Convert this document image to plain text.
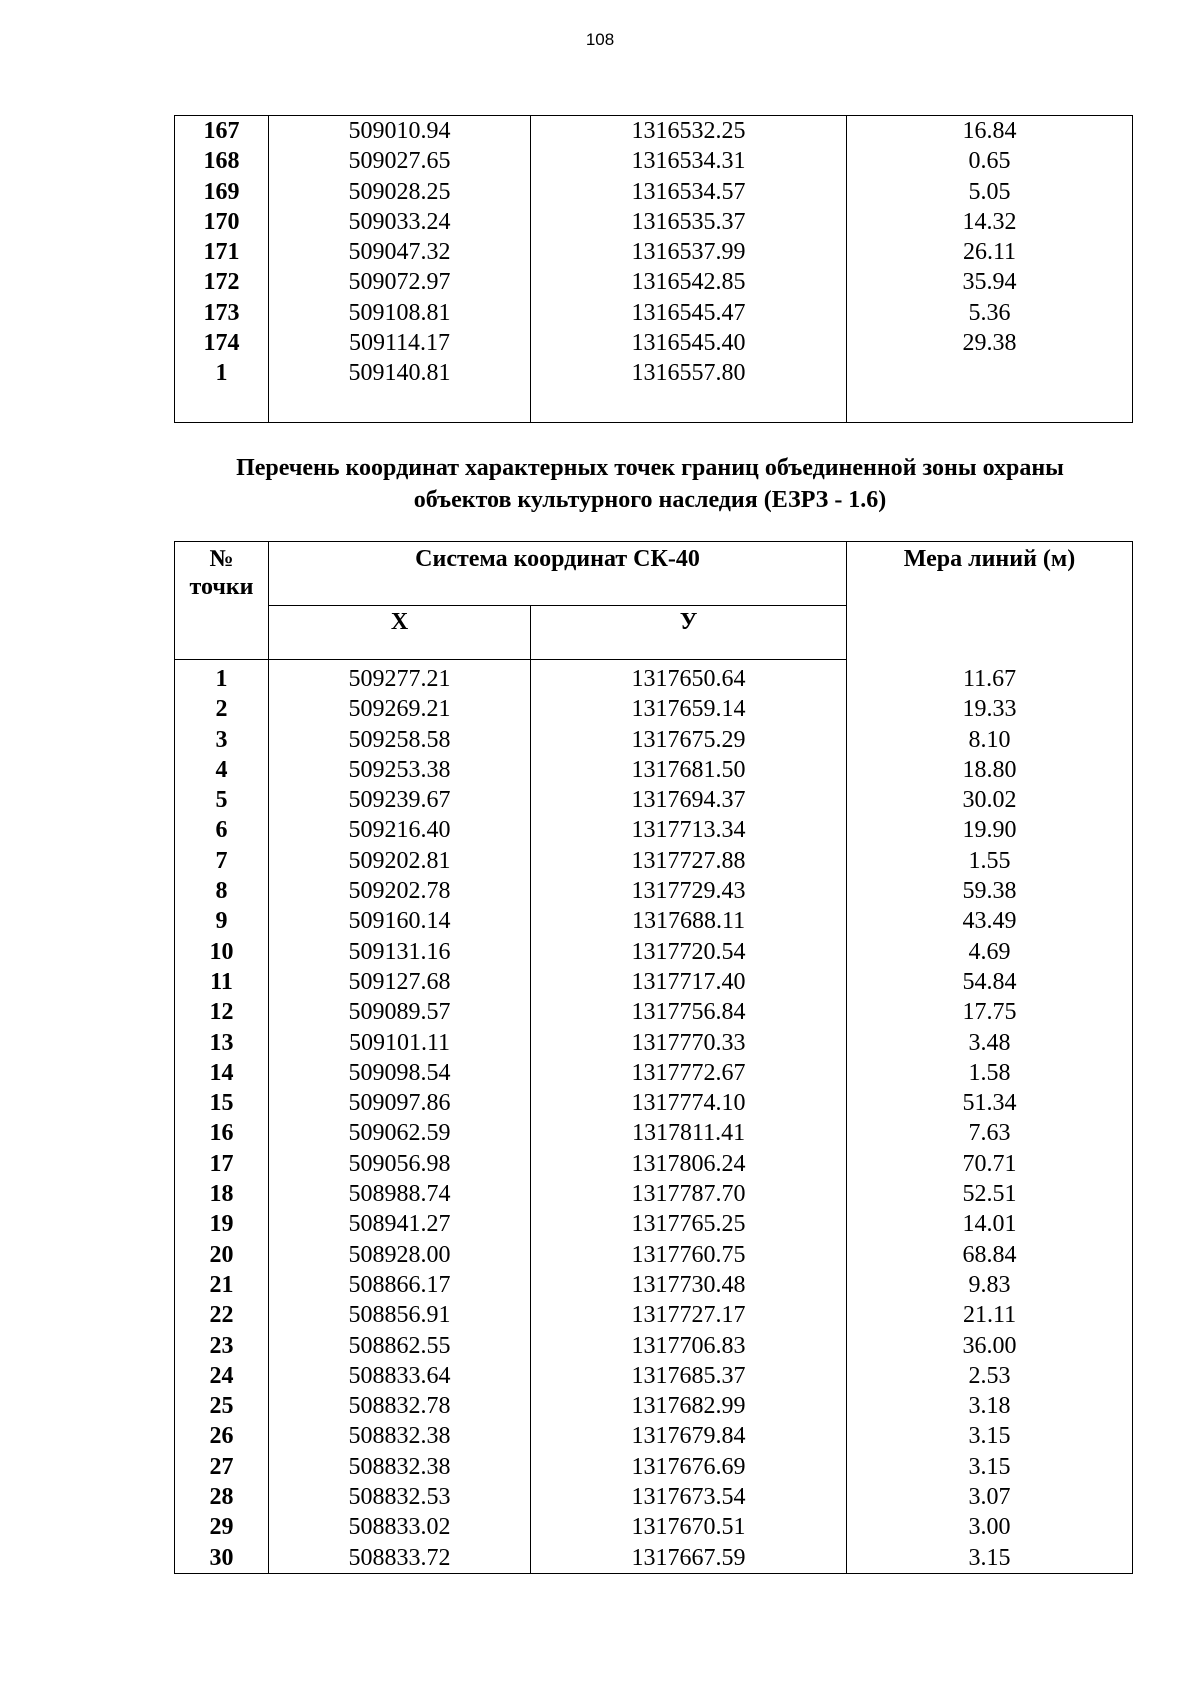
108
167	509010.94	1316532.25	16.84
168	509027.65	1316534.31	0.65
169	509028.25	1316534.57	5.05
170	509033.24	1316535.37	14.32
171	509047.32	1316537.99	26.11
172	509072.97	1316542.85	35.94
173	509108.81	1316545.47	5.36
174	509114.17	1316545.40	29.38
1	509140.81	1316557.80	

Перечень координат характерных точек границ объединенной зоны охраны
объектов культурного наследия (ЕЗРЗ - 1.6)
№
точки	Система координат СК-40		Мера линий (м)
	Х	У	

1	509277.21	1317650.64	11.67
2	509269.21	1317659.14	19.33
3	509258.58	1317675.29	8.10
4	509253.38	1317681.50	18.80
5	509239.67	1317694.37	30.02
6	509216.40	1317713.34	19.90
7	509202.81	1317727.88	1.55
8	509202.78	1317729.43	59.38
9	509160.14	1317688.11	43.49
10	509131.16	1317720.54	4.69
11	509127.68	1317717.40	54.84
12	509089.57	1317756.84	17.75
13	509101.11	1317770.33	3.48
14	509098.54	1317772.67	1.58
15	509097.86	1317774.10	51.34
16	509062.59	1317811.41	7.63
17	509056.98	1317806.24	70.71
18	508988.74	1317787.70	52.51
19	508941.27	1317765.25	14.01
20	508928.00	1317760.75	68.84
21	508866.17	1317730.48	9.83
22	508856.91	1317727.17	21.11
23	508862.55	1317706.83	36.00
24	508833.64	1317685.37	2.53
25	508832.78	1317682.99	3.18
26	508832.38	1317679.84	3.15
27	508832.38	1317676.69	3.15
28	508832.53	1317673.54	3.07
29	508833.02	1317670.51	3.00
30	508833.72	1317667.59	3.15
